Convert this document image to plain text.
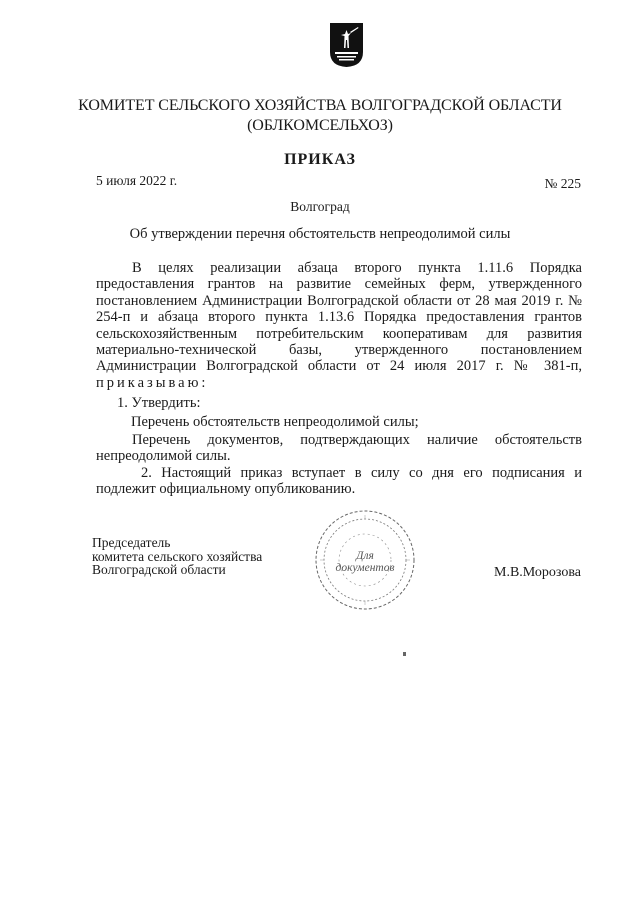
КОМИТЕТ СЕЛЬСКОГО ХОЗЯЙСТВА ВОЛГОГРАДСКОЙ ОБЛАСТИ
(ОБЛКОМСЕЛЬХОЗ)
ПРИКАЗ
5 июля 2022 г.	№ 225
Волгоград
Об утверждении перечня обстоятельств непреодолимой силы
В целях реализации абзаца второго пункта 1.11.6 Порядка предоставления грантов на развитие семейных ферм, утвержденного постановлением Администрации Волгоградской области от 28 мая 2019 г. № 254-п и абзаца второго пункта 1.13.6 Порядка предоставления грантов сельскохозяйственным потребительским кооперативам для развития материально-технической базы, утвержденного постановлением Администрации Волгоградской области от 24 июля 2017 г. № 381-п, приказываю:
1. Утвердить:
Перечень обстоятельств непреодолимой силы;
Перечень документов, подтверждающих наличие обстоятельств непреодолимой силы.
2. Настоящий приказ вступает в силу со дня его подписания и подлежит официальному опубликованию.
Председатель
комитета сельского хозяйства
Волгоградской области
Для
документов	М.В.Морозова
